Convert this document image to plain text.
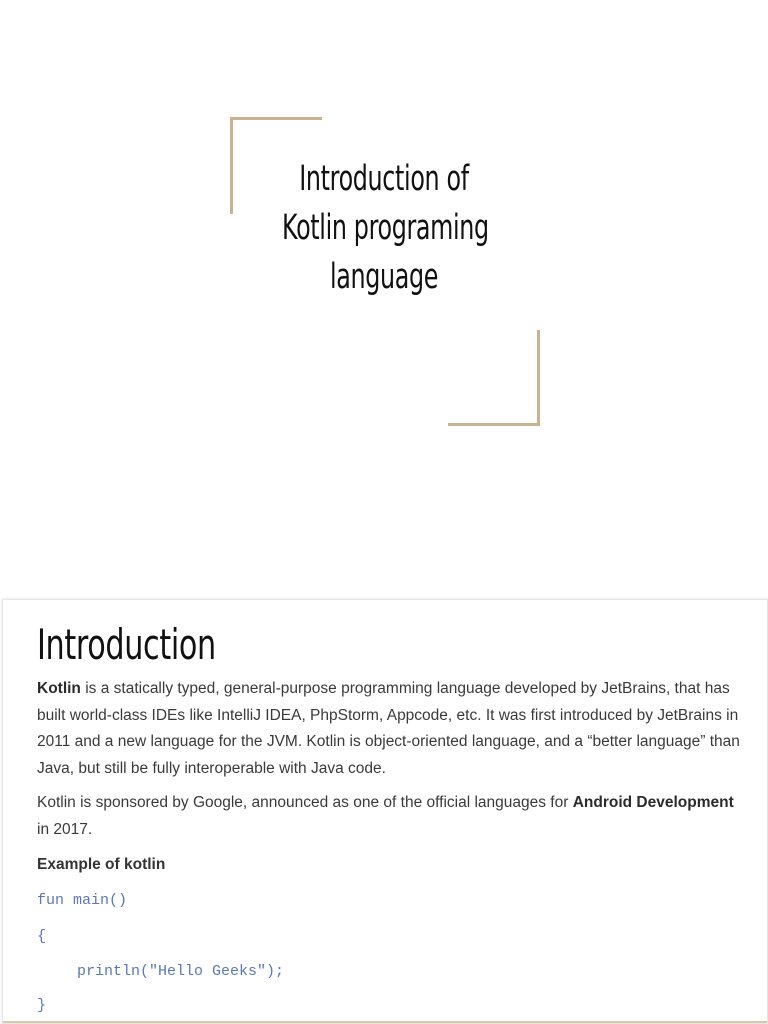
Introduction of
Kotlin programing
language
Introduction

Kotlin is a statically typed, general-purpose programming language developed by JetBrains, that has built world-class IDEs like IntelliJ IDEA, PhpStorm, Appcode, etc. It was first introduced by JetBrains in 2011 and a new language for the JVM. Kotlin is object-oriented language, and a “better language” than Java, but still be fully interoperable with Java code.

Kotlin is sponsored by Google, announced as one of the official languages for Android Development in 2017.

Example of kotlin
fun main()
{
println("Hello Geeks");
}
